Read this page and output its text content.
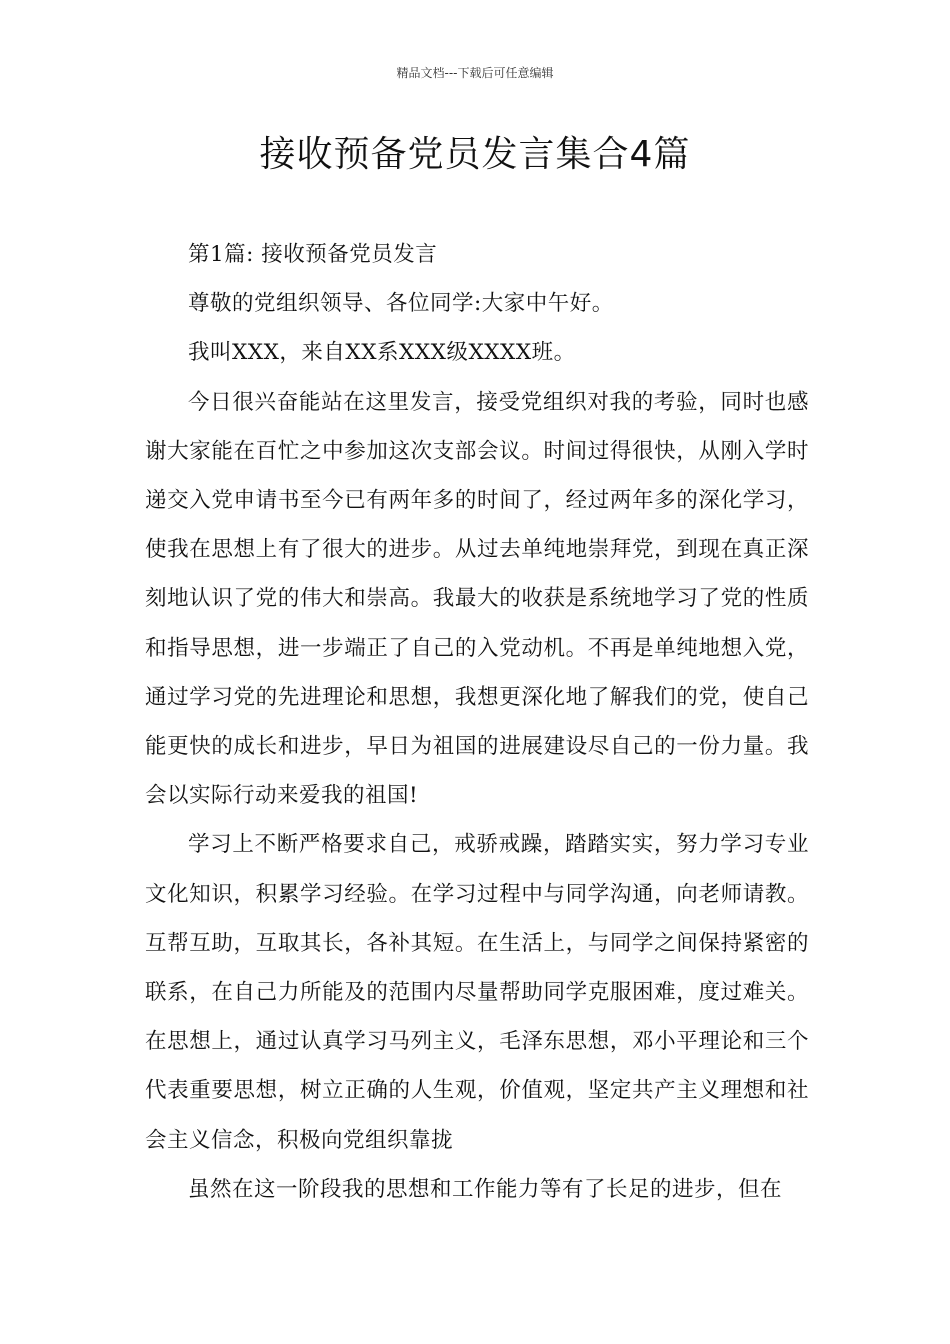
精品文档---下载后可任意编辑
接收预备党员发言集合4篇

第1篇: 接收预备党员发言

尊敬的党组织领导、各位同学:大家中午好。

我叫XXX，来自XX系XXX级XXXX班。

今日很兴奋能站在这里发言，接受党组织对我的考验，同时也感谢大家能在百忙之中参加这次支部会议。时间过得很快，从刚入学时递交入党申请书至今已有两年多的时间了，经过两年多的深化学习，使我在思想上有了很大的进步。从过去单纯地崇拜党，到现在真正深刻地认识了党的伟大和崇高。我最大的收获是系统地学习了党的性质和指导思想，进一步端正了自己的入党动机。不再是单纯地想入党，通过学习党的先进理论和思想，我想更深化地了解我们的党，使自己能更快的成长和进步，早日为祖国的进展建设尽自己的一份力量。我会以实际行动来爱我的祖国!

学习上不断严格要求自己，戒骄戒躁，踏踏实实，努力学习专业文化知识，积累学习经验。在学习过程中与同学沟通，向老师请教。互帮互助，互取其长，各补其短。在生活上，与同学之间保持紧密的联系，在自己力所能及的范围内尽量帮助同学克服困难，度过难关。在思想上，通过认真学习马列主义，毛泽东思想，邓小平理论和三个代表重要思想，树立正确的人生观，价值观，坚定共产主义理想和社会主义信念，积极向党组织靠拢

虽然在这一阶段我的思想和工作能力等有了长足的进步，但在
